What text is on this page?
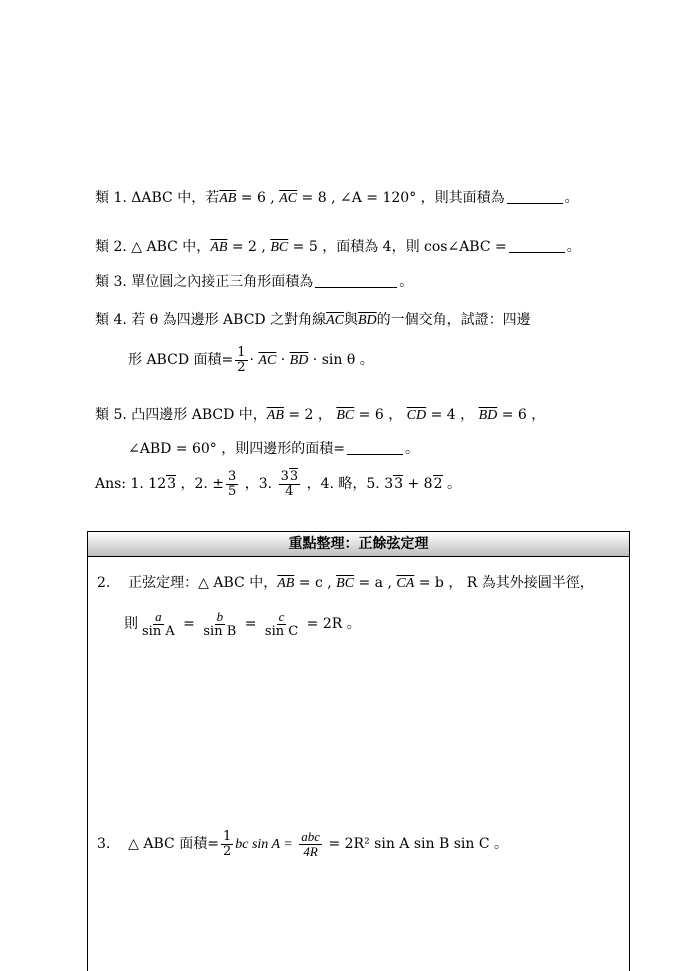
類 1. ΔABC 中，若$\overline{AB} = 6$ , $\overline{AC} = 8$ , ∠A = 120° ，則其面積為	。
類 2. △ ABC 中，$\overline{AB} = 2$ , $\overline{BC} = 5$ ，面積為 4，則 cos∠ABC =	。
類 3. 單位圓之內接正三角形面積為	。
類 4. 若 θ 為四邊形 ABCD 之對角線$\overline{AC}$與$\overline{BD}$的一個交角，試證：四邊
形 ABCD 面積= $\frac{1}{2} \cdot \overline{AC} \cdot \overline{BD} \cdot \sin \theta$ 。
類 5. 凸四邊形 ABCD 中，$\overline{AB} = 2$ ， $\overline{BC} = 6$ ， $\overline{CD} = 4$ ， $\overline{BD} = 6$ ，
∠ABD = 60° ，則四邊形的面積=	。
Ans: 1. 123 ，2. ± $\frac{3}{5}$ ，3. $\frac{33}{4}$ ，4. 略，5. 33 + 82 。
重點整理：正餘弦定理
2. 正弦定理：△ ABC 中，$\overline{AB} = c$ , $\overline{BC} = a$ , $\overline{CA} = b$ ， R 為其外接圓半徑，
則 $\frac{a}{\text{sin A}} = \frac{b}{\text{sin B}} = \frac{c}{\text{sin C}} = 2R$ 。
3. △ ABC 面積= $\frac{1}{2}$ bc $\sin A = \frac{\text{abc}}{4R} = 2R^2$ sin A sin B sin C 。
